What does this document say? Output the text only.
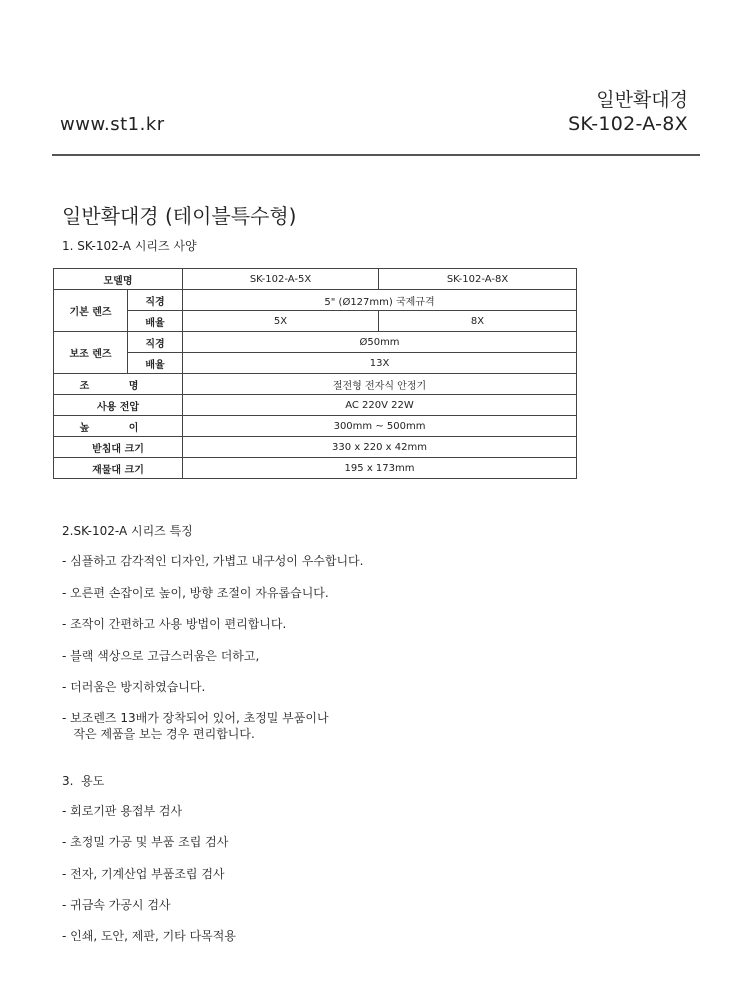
www.st1.kr
일반확대경
SK-102-A-8X
일반확대경 (테이블특수형)
1. SK-102-A 시리즈 사양
모델명		SK-102-A-5X	SK-102-A-8X
기본 렌즈	직경	5" (Ø127mm) 국제규격	
	배율	5X	8X
보조 렌즈	직경	Ø50mm	
	배율	13X	
조 명		절전형 전자식 안정기	
사용 전압		AC 220V 22W	
높 이		300mm ~ 500mm	
받침대 크기		330 x 220 x 42mm	
재물대 크기		195 x 173mm	
2.SK-102-A 시리즈 특징
- 심플하고 감각적인 디자인, 가볍고 내구성이 우수합니다.
- 오른편 손잡이로 높이, 방향 조절이 자유롭습니다.
- 조작이 간편하고 사용 방법이 편리합니다.
- 블랙 색상으로 고급스러움은 더하고,
- 더러움은 방지하였습니다.
- 보조렌즈 13배가 장착되어 있어, 초정밀 부품이나
작은 제품을 보는 경우 편리합니다.
3.  용도
- 회로기판 용접부 검사
- 초정밀 가공 및 부품 조립 검사
- 전자, 기계산업 부품조립 검사
- 귀금속 가공시 검사
- 인쇄, 도안, 제판, 기타 다목적용
